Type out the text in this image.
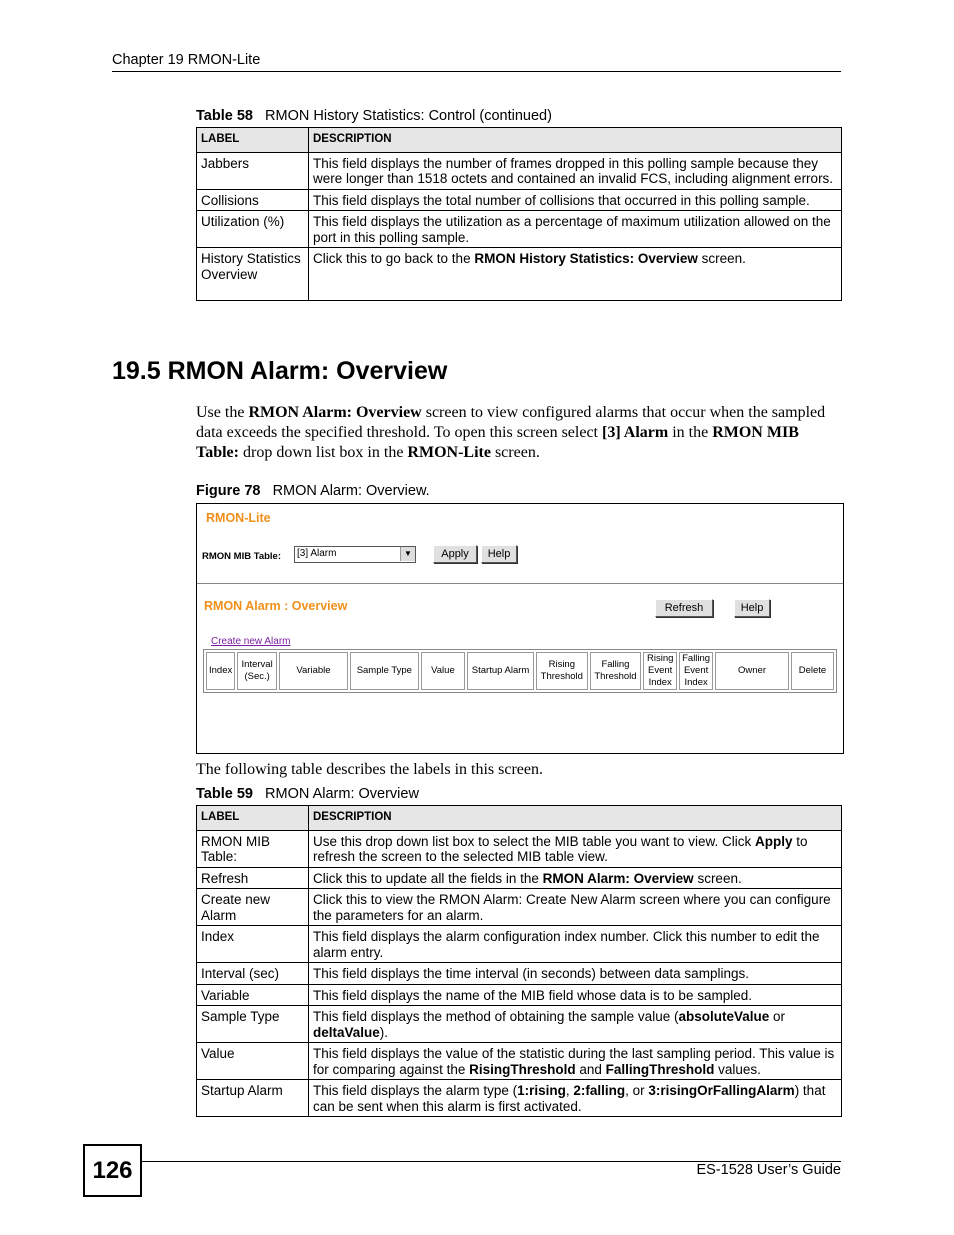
Chapter 19 RMON-Lite
Table 58 RMON History Statistics: Control (continued)
LABEL	DESCRIPTION
Jabbers	This field displays the number of frames dropped in this polling sample because they were longer than 1518 octets and contained an invalid FCS, including alignment errors.
Collisions	This field displays the total number of collisions that occurred in this polling sample.
Utilization (%)	This field displays the utilization as a percentage of maximum utilization allowed on the port in this polling sample.
History Statistics Overview	Click this to go back to the RMON History Statistics: Overview screen.
19.5 RMON Alarm: Overview
Use the RMON Alarm: Overview screen to view configured alarms that occur when the sampled data exceeds the specified threshold. To open this screen select [3] Alarm in the RMON MIB Table: drop down list box in the RMON-Lite screen.
Figure 78 RMON Alarm: Overview.
RMON-Lite
RMON MIB Table:	[3] Alarm	▼	Apply	Help
RMON Alarm : Overview	Refresh	Help
Create new Alarm
Index	Interval (Sec.)	Variable	Sample Type	Value	Startup Alarm	Rising Threshold	Falling Threshold	Rising Event Index	Falling Event Index	Owner	Delete
The following table describes the labels in this screen.
Table 59 RMON Alarm: Overview
LABEL	DESCRIPTION
RMON MIB Table:	Use this drop down list box to select the MIB table you want to view. Click Apply to refresh the screen to the selected MIB table view.
Refresh	Click this to update all the fields in the RMON Alarm: Overview screen.
Create new Alarm	Click this to view the RMON Alarm: Create New Alarm screen where you can configure the parameters for an alarm.
Index	This field displays the alarm configuration index number. Click this number to edit the alarm entry.
Interval (sec)	This field displays the time interval (in seconds) between data samplings.
Variable	This field displays the name of the MIB field whose data is to be sampled.
Sample Type	This field displays the method of obtaining the sample value (absoluteValue or deltaValue).
Value	This field displays the value of the statistic during the last sampling period. This value is for comparing against the RisingThreshold and FallingThreshold values.
Startup Alarm	This field displays the alarm type (1:rising, 2:falling, or 3:risingOrFallingAlarm) that can be sent when this alarm is first activated.
126	ES-1528 User’s Guide
